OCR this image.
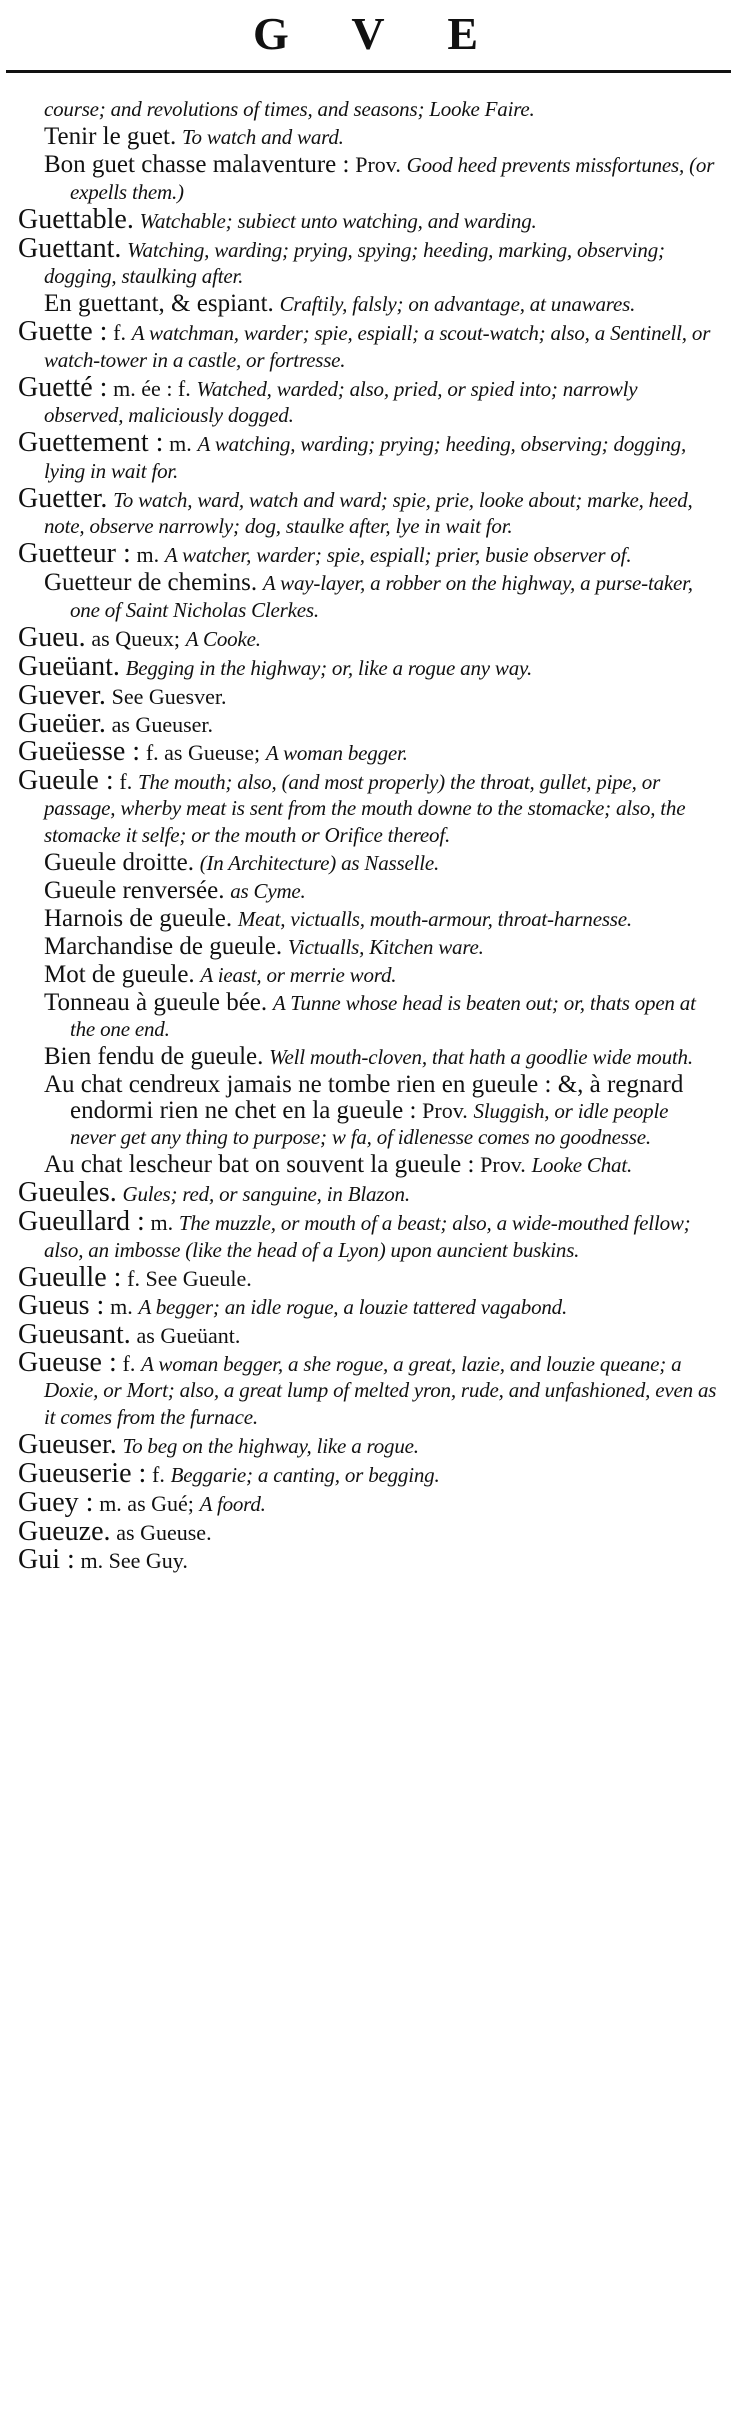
G V E
course; and revolutions of times, and seasons; Looke Faire.
Tenir le guet. To watch and ward.
Bon guet chasse malaventure : Prov. Good heed prevents missfortunes, (or expells them.)
Guettable. Watchable; subiect unto watching, and warding.
Guettant. Watching, warding; prying, spying; heeding, marking, observing; dogging, staulking after.
En guettant, & espiant. Craftily, falsly; on advantage, at unawares.
Guette : f. A watchman, warder; spie, espiall; a scout-watch; also, a Sentinell, or watch-tower in a castle, or fortresse.
Guetté : m. ée : f. Watched, warded; also, pried, or spied into; narrowly observed, maliciously dogged.
Guettement : m. A watching, warding; prying; heeding, observing; dogging, lying in wait for.
Guetter. To watch, ward, watch and ward; spie, prie, looke about; marke, heed, note, observe narrowly; dog, staulke after, lye in wait for.
Guetteur : m. A watcher, warder; spie, espiall; prier, busie observer of.
Guetteur de chemins. A way-layer, a robber on the highway, a purse-taker, one of Saint Nicholas Clerkes.
Gueu. as Queux; A Cooke.
Gueüant. Begging in the highway; or, like a rogue any way.
Guever. See Guesver.
Gueüer. as Gueuser.
Gueüesse : f. as Gueuse; A woman begger.
Gueule : f. The mouth; also, (and most properly) the throat, gullet, pipe, or passage, wherby meat is sent from the mouth downe to the stomacke; also, the stomacke it selfe; or the mouth or Orifice thereof.
Gueule droitte. (In Architecture) as Nasselle.
Gueule renversée. as Cyme.
Harnois de gueule. Meat, victualls, mouth-armour, throat-harnesse.
Marchandise de gueule. Victualls, Kitchen ware.
Mot de gueule. A ieast, or merrie word.
Tonneau à gueule bée. A Tunne whose head is beaten out; or, thats open at the one end.
Bien fendu de gueule. Well mouth-cloven, that hath a goodlie wide mouth.
Au chat cendreux jamais ne tombe rien en gueule : &, à regnard endormi rien ne chet en la gueule : Prov. Sluggish, or idle people never get any thing to purpose; w fa, of idlenesse comes no goodnesse.
Au chat lescheur bat on souvent la gueule : Prov. Looke Chat.
Gueules. Gules; red, or sanguine, in Blazon.
Gueullard : m. The muzzle, or mouth of a beast; also, a wide-mouthed fellow; also, an imbosse (like the head of a Lyon) upon auncient buskins.
Gueulle : f. See Gueule.
Gueus : m. A begger; an idle rogue, a louzie tattered vagabond.
Gueusant. as Gueüant.
Gueuse : f. A woman begger, a she rogue, a great, lazie, and louzie queane; a Doxie, or Mort; also, a great lump of melted yron, rude, and unfashioned, even as it comes from the furnace.
Gueuser. To beg on the highway, like a rogue.
Gueuserie : f. Beggarie; a canting, or begging.
Guey : m. as Gué; A foord.
Gueuze. as Gueuse.
Gui : m. See Guy.
